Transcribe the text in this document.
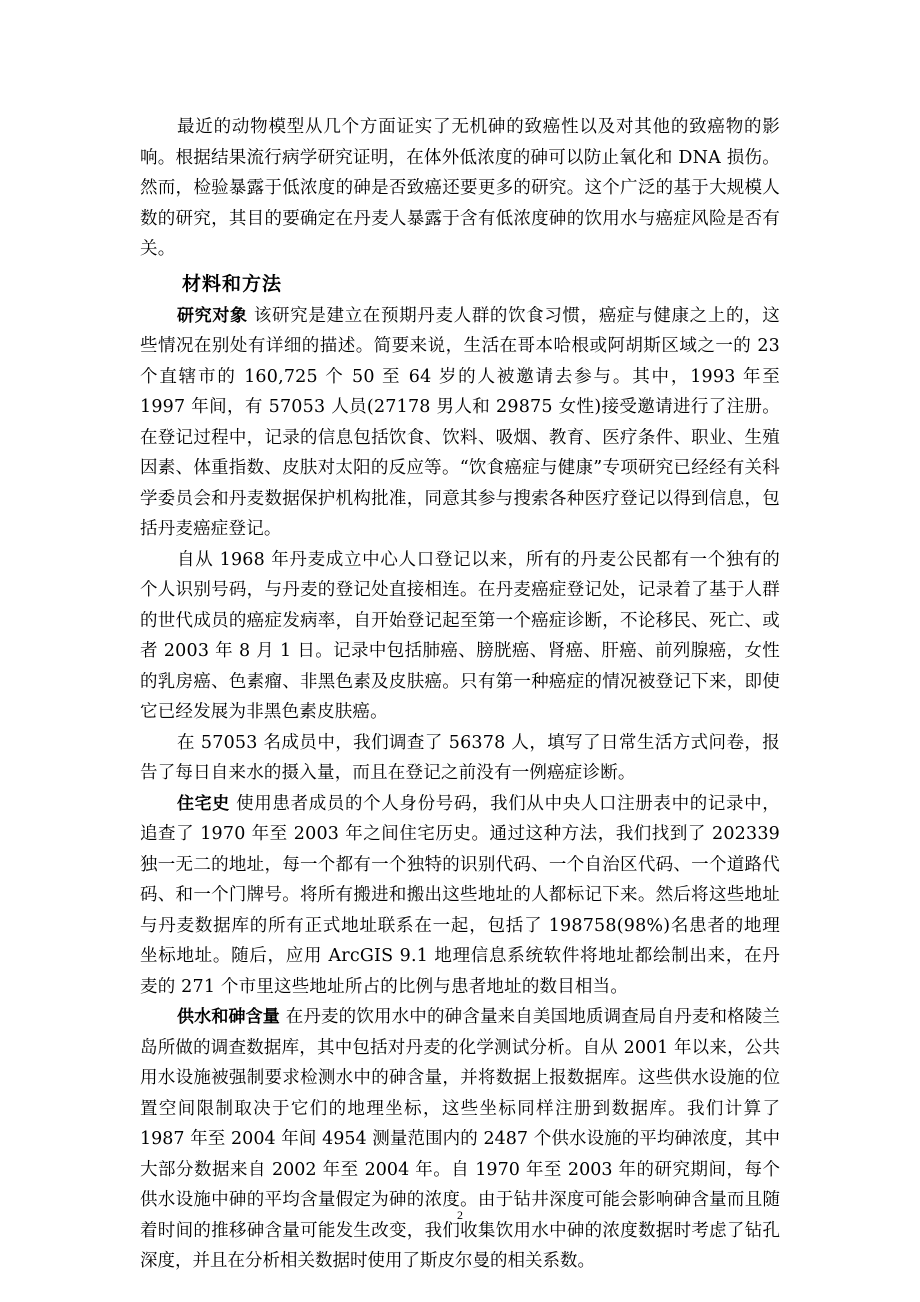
最近的动物模型从几个方面证实了无机砷的致癌性以及对其他的致癌物的影响。根据结果流行病学研究证明，在体外低浓度的砷可以防止氧化和 DNA 损伤。然而，检验暴露于低浓度的砷是否致癌还要更多的研究。这个广泛的基于大规模人数的研究，其目的要确定在丹麦人暴露于含有低浓度砷的饮用水与癌症风险是否有关。

材料和方法

研究对象 该研究是建立在预期丹麦人群的饮食习惯，癌症与健康之上的，这些情况在别处有详细的描述。简要来说，生活在哥本哈根或阿胡斯区域之一的 23 个直辖市的 160,725 个 50 至 64 岁的人被邀请去参与。其中，1993 年至 1997 年间，有 57053 人员(27178 男人和 29875 女性)接受邀请进行了注册。在登记过程中，记录的信息包括饮食、饮料、吸烟、教育、医疗条件、职业、生殖因素、体重指数、皮肤对太阳的反应等。“饮食癌症与健康”专项研究已经经有关科学委员会和丹麦数据保护机构批准，同意其参与搜索各种医疗登记以得到信息，包括丹麦癌症登记。

自从 1968 年丹麦成立中心人口登记以来，所有的丹麦公民都有一个独有的个人识别号码，与丹麦的登记处直接相连。在丹麦癌症登记处，记录着了基于人群的世代成员的癌症发病率，自开始登记起至第一个癌症诊断，不论移民、死亡、或者 2003 年 8 月 1 日。记录中包括肺癌、膀胱癌、肾癌、肝癌、前列腺癌，女性的乳房癌、色素瘤、非黑色素及皮肤癌。只有第一种癌症的情况被登记下来，即使它已经发展为非黑色素皮肤癌。

在 57053 名成员中，我们调查了 56378 人，填写了日常生活方式问卷，报告了每日自来水的摄入量，而且在登记之前没有一例癌症诊断。

住宅史 使用患者成员的个人身份号码，我们从中央人口注册表中的记录中，追查了 1970 年至 2003 年之间住宅历史。通过这种方法，我们找到了 202339 独一无二的地址，每一个都有一个独特的识别代码、一个自治区代码、一个道路代码、和一个门牌号。将所有搬进和搬出这些地址的人都标记下来。然后将这些地址与丹麦数据库的所有正式地址联系在一起，包括了 198758(98%)名患者的地理坐标地址。随后，应用 ArcGIS 9.1 地理信息系统软件将地址都绘制出来，在丹麦的 271 个市里这些地址所占的比例与患者地址的数目相当。

供水和砷含量 在丹麦的饮用水中的砷含量来自美国地质调查局自丹麦和格陵兰岛所做的调查数据库，其中包括对丹麦的化学测试分析。自从 2001 年以来，公共用水设施被强制要求检测水中的砷含量，并将数据上报数据库。这些供水设施的位置空间限制取决于它们的地理坐标，这些坐标同样注册到数据库。我们计算了 1987 年至 2004 年间 4954 测量范围内的 2487 个供水设施的平均砷浓度，其中大部分数据来自 2002 年至 2004 年。自 1970 年至 2003 年的研究期间，每个供水设施中砷的平均含量假定为砷的浓度。由于钻井深度可能会影响砷含量而且随着时间的推移砷含量可能发生改变，我们收集饮用水中砷的浓度数据时考虑了钻孔深度，并且在分析相关数据时使用了斯皮尔曼的相关系数。

2
